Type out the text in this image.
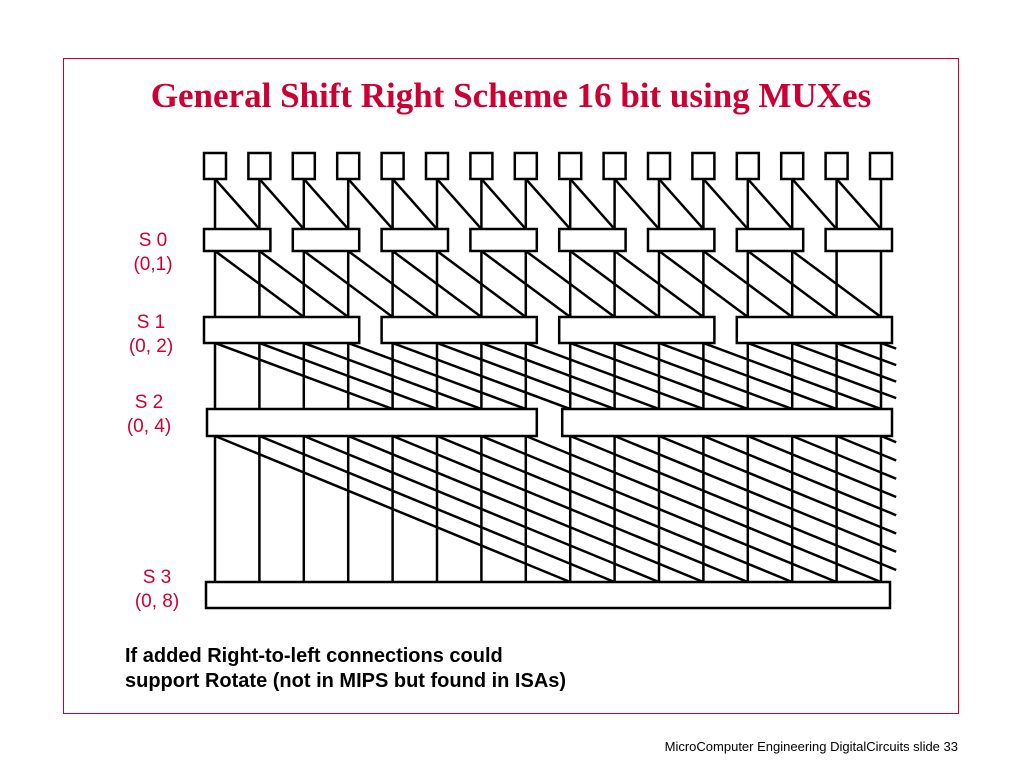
General Shift Right Scheme 16 bit using MUXes
S 0
(0,1)
S 1
(0, 2)
S 2
(0, 4)
S 3
(0, 8)
If added Right-to-left connections could
support Rotate (not in MIPS but found in ISAs)
MicroComputer Engineering DigitalCircuits slide 33
